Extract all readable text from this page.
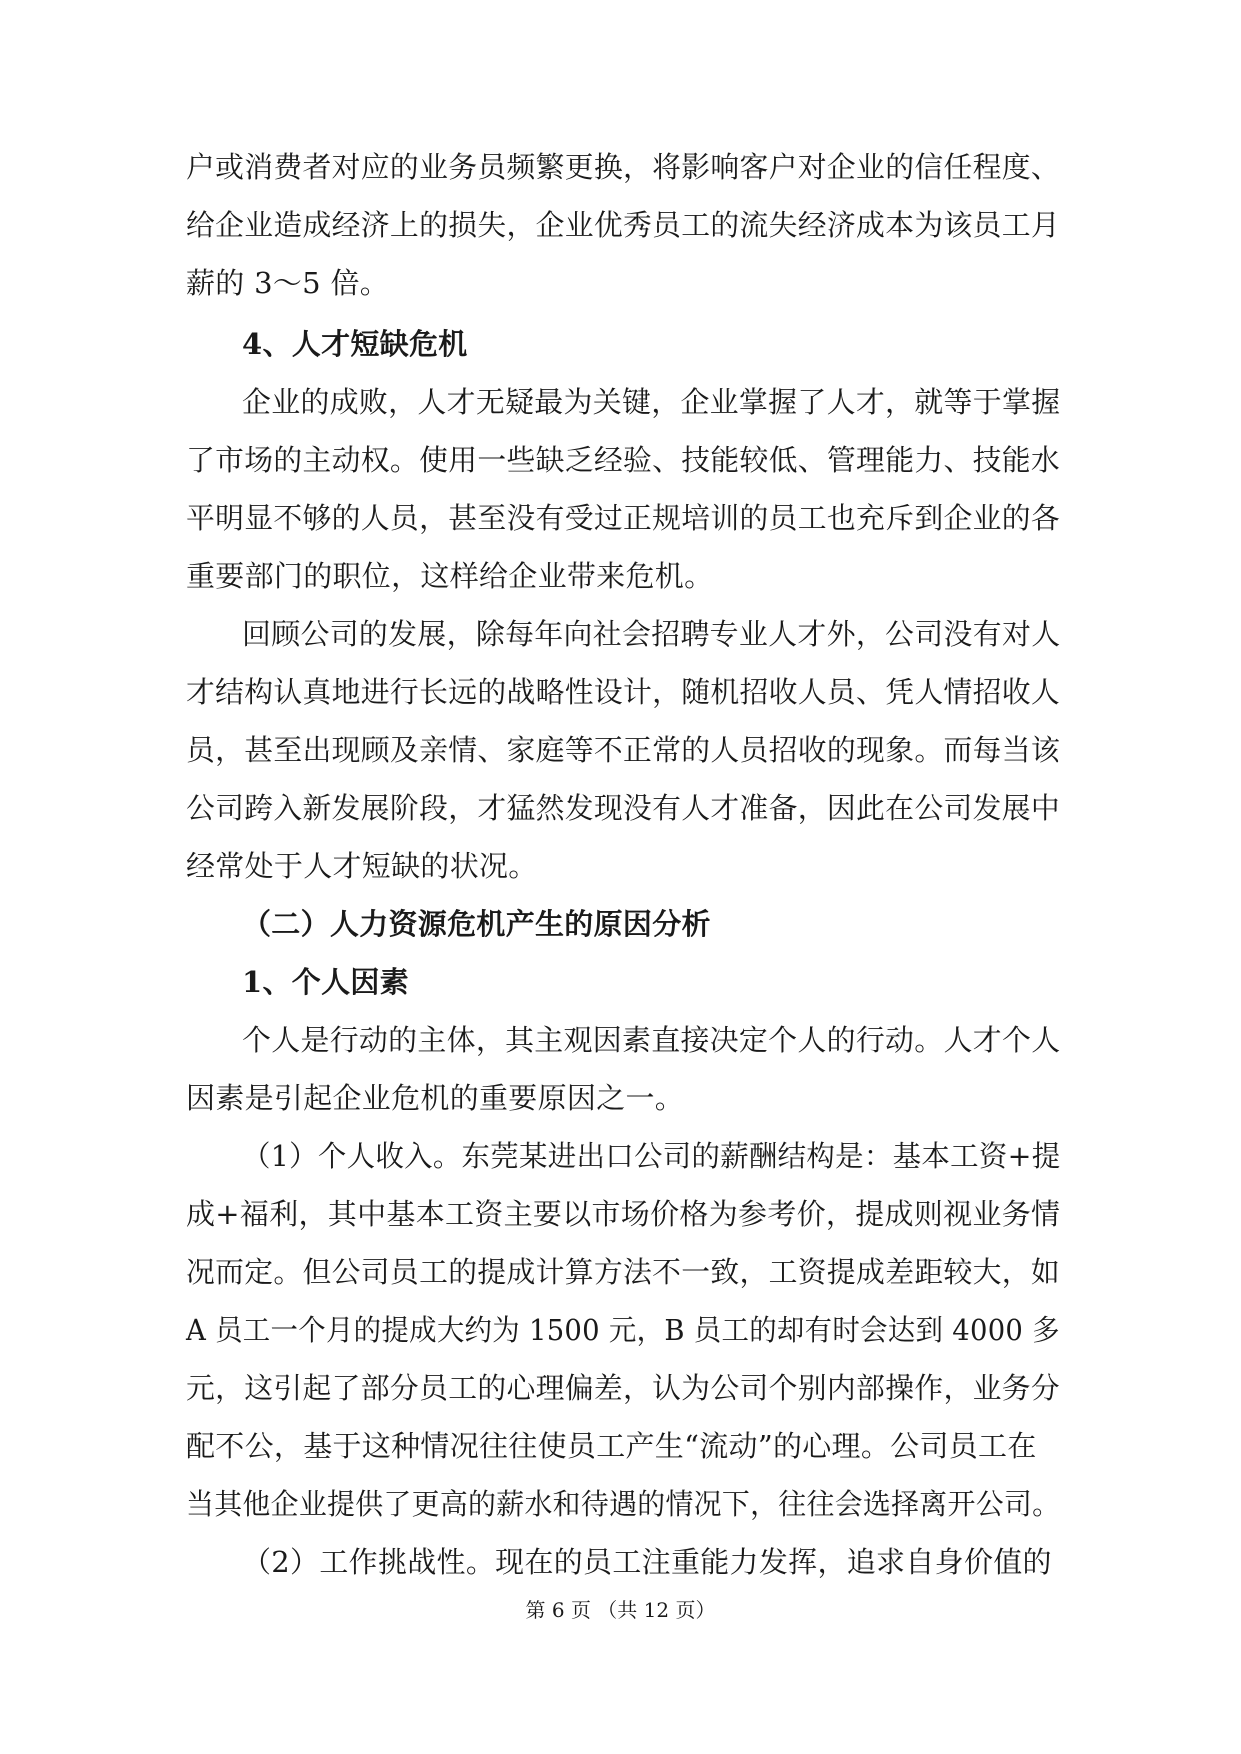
户或消费者对应的业务员频繁更换，将影响客户对企业的信任程度、

给企业造成经济上的损失，企业优秀员工的流失经济成本为该员工月

薪的 3～5 倍。

4、人才短缺危机

企业的成败，人才无疑最为关键，企业掌握了人才，就等于掌握

了市场的主动权。使用一些缺乏经验、技能较低、管理能力、技能水

平明显不够的人员，甚至没有受过正规培训的员工也充斥到企业的各

重要部门的职位，这样给企业带来危机。

回顾公司的发展，除每年向社会招聘专业人才外，公司没有对人

才结构认真地进行长远的战略性设计，随机招收人员、凭人情招收人

员，甚至出现顾及亲情、家庭等不正常的人员招收的现象。而每当该

公司跨入新发展阶段，才猛然发现没有人才准备，因此在公司发展中

经常处于人才短缺的状况。

（二）人力资源危机产生的原因分析

1、个人因素

个人是行动的主体，其主观因素直接决定个人的行动。人才个人

因素是引起企业危机的重要原因之一。

（1）个人收入。东莞某进出口公司的薪酬结构是：基本工资+提

成+福利，其中基本工资主要以市场价格为参考价，提成则视业务情

况而定。但公司员工的提成计算方法不一致，工资提成差距较大，如

A 员工一个月的提成大约为 1500 元，B 员工的却有时会达到 4000 多

元，这引起了部分员工的心理偏差，认为公司个别内部操作，业务分

配不公，基于这种情况往往使员工产生“流动”的心理。公司员工在

当其他企业提供了更高的薪水和待遇的情况下，往往会选择离开公司。

（2）工作挑战性。现在的员工注重能力发挥，追求自身价值的

第 6 页 （共 12 页）
